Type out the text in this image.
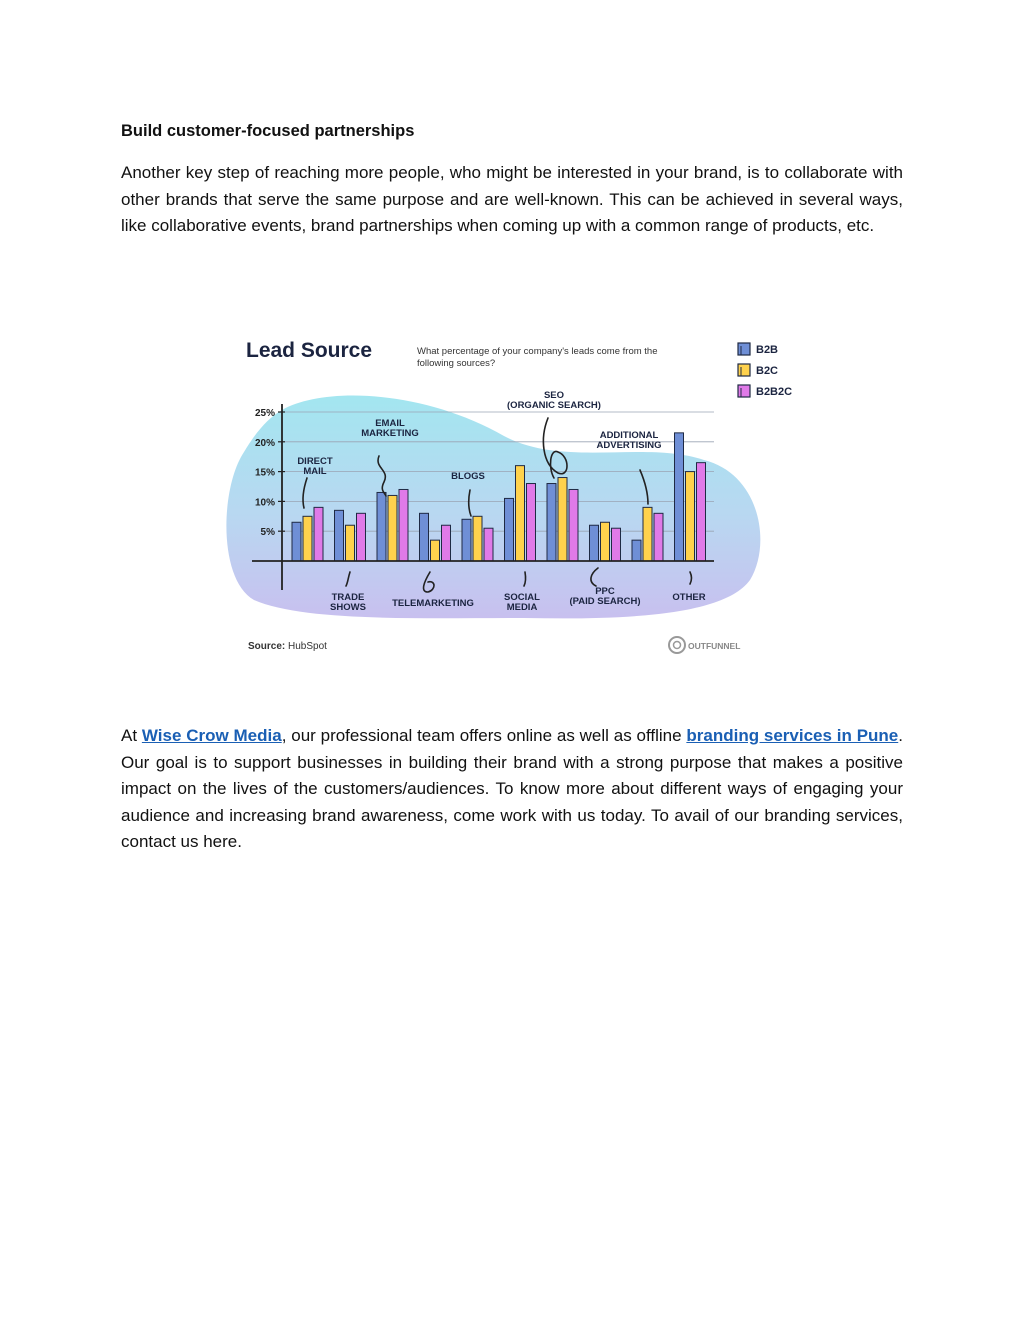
Build customer-focused partnerships

Another key step of reaching more people, who might be interested in your brand, is to collaborate with other brands that serve the same purpose and are well-known. This can be achieved in several ways, like collaborative events, brand partnerships when coming up with a common range of products, etc.

5%
10%
15%
20%
25%
DIRECT MAIL
TRADE SHOWS
EMAIL MARKETING
TELEMARKETING
BLOGS
SOCIAL MEDIA
SEO (ORGANIC SEARCH)
PPC (PAID SEARCH)
ADDITIONAL ADVERTISING
OTHER
B2B
B2C
B2B2C
Lead Source	What percentage of your company's leads come from the following sources?
Source: HubSpot	OUTFUNNEL

At Wise Crow Media, our professional team offers online as well as offline branding services in Pune. Our goal is to support businesses in building their brand with a strong purpose that makes a positive impact on the lives of the customers/audiences. To know more about different ways of engaging your audience and increasing brand awareness, come work with us today. To avail of our branding services, contact us here.
